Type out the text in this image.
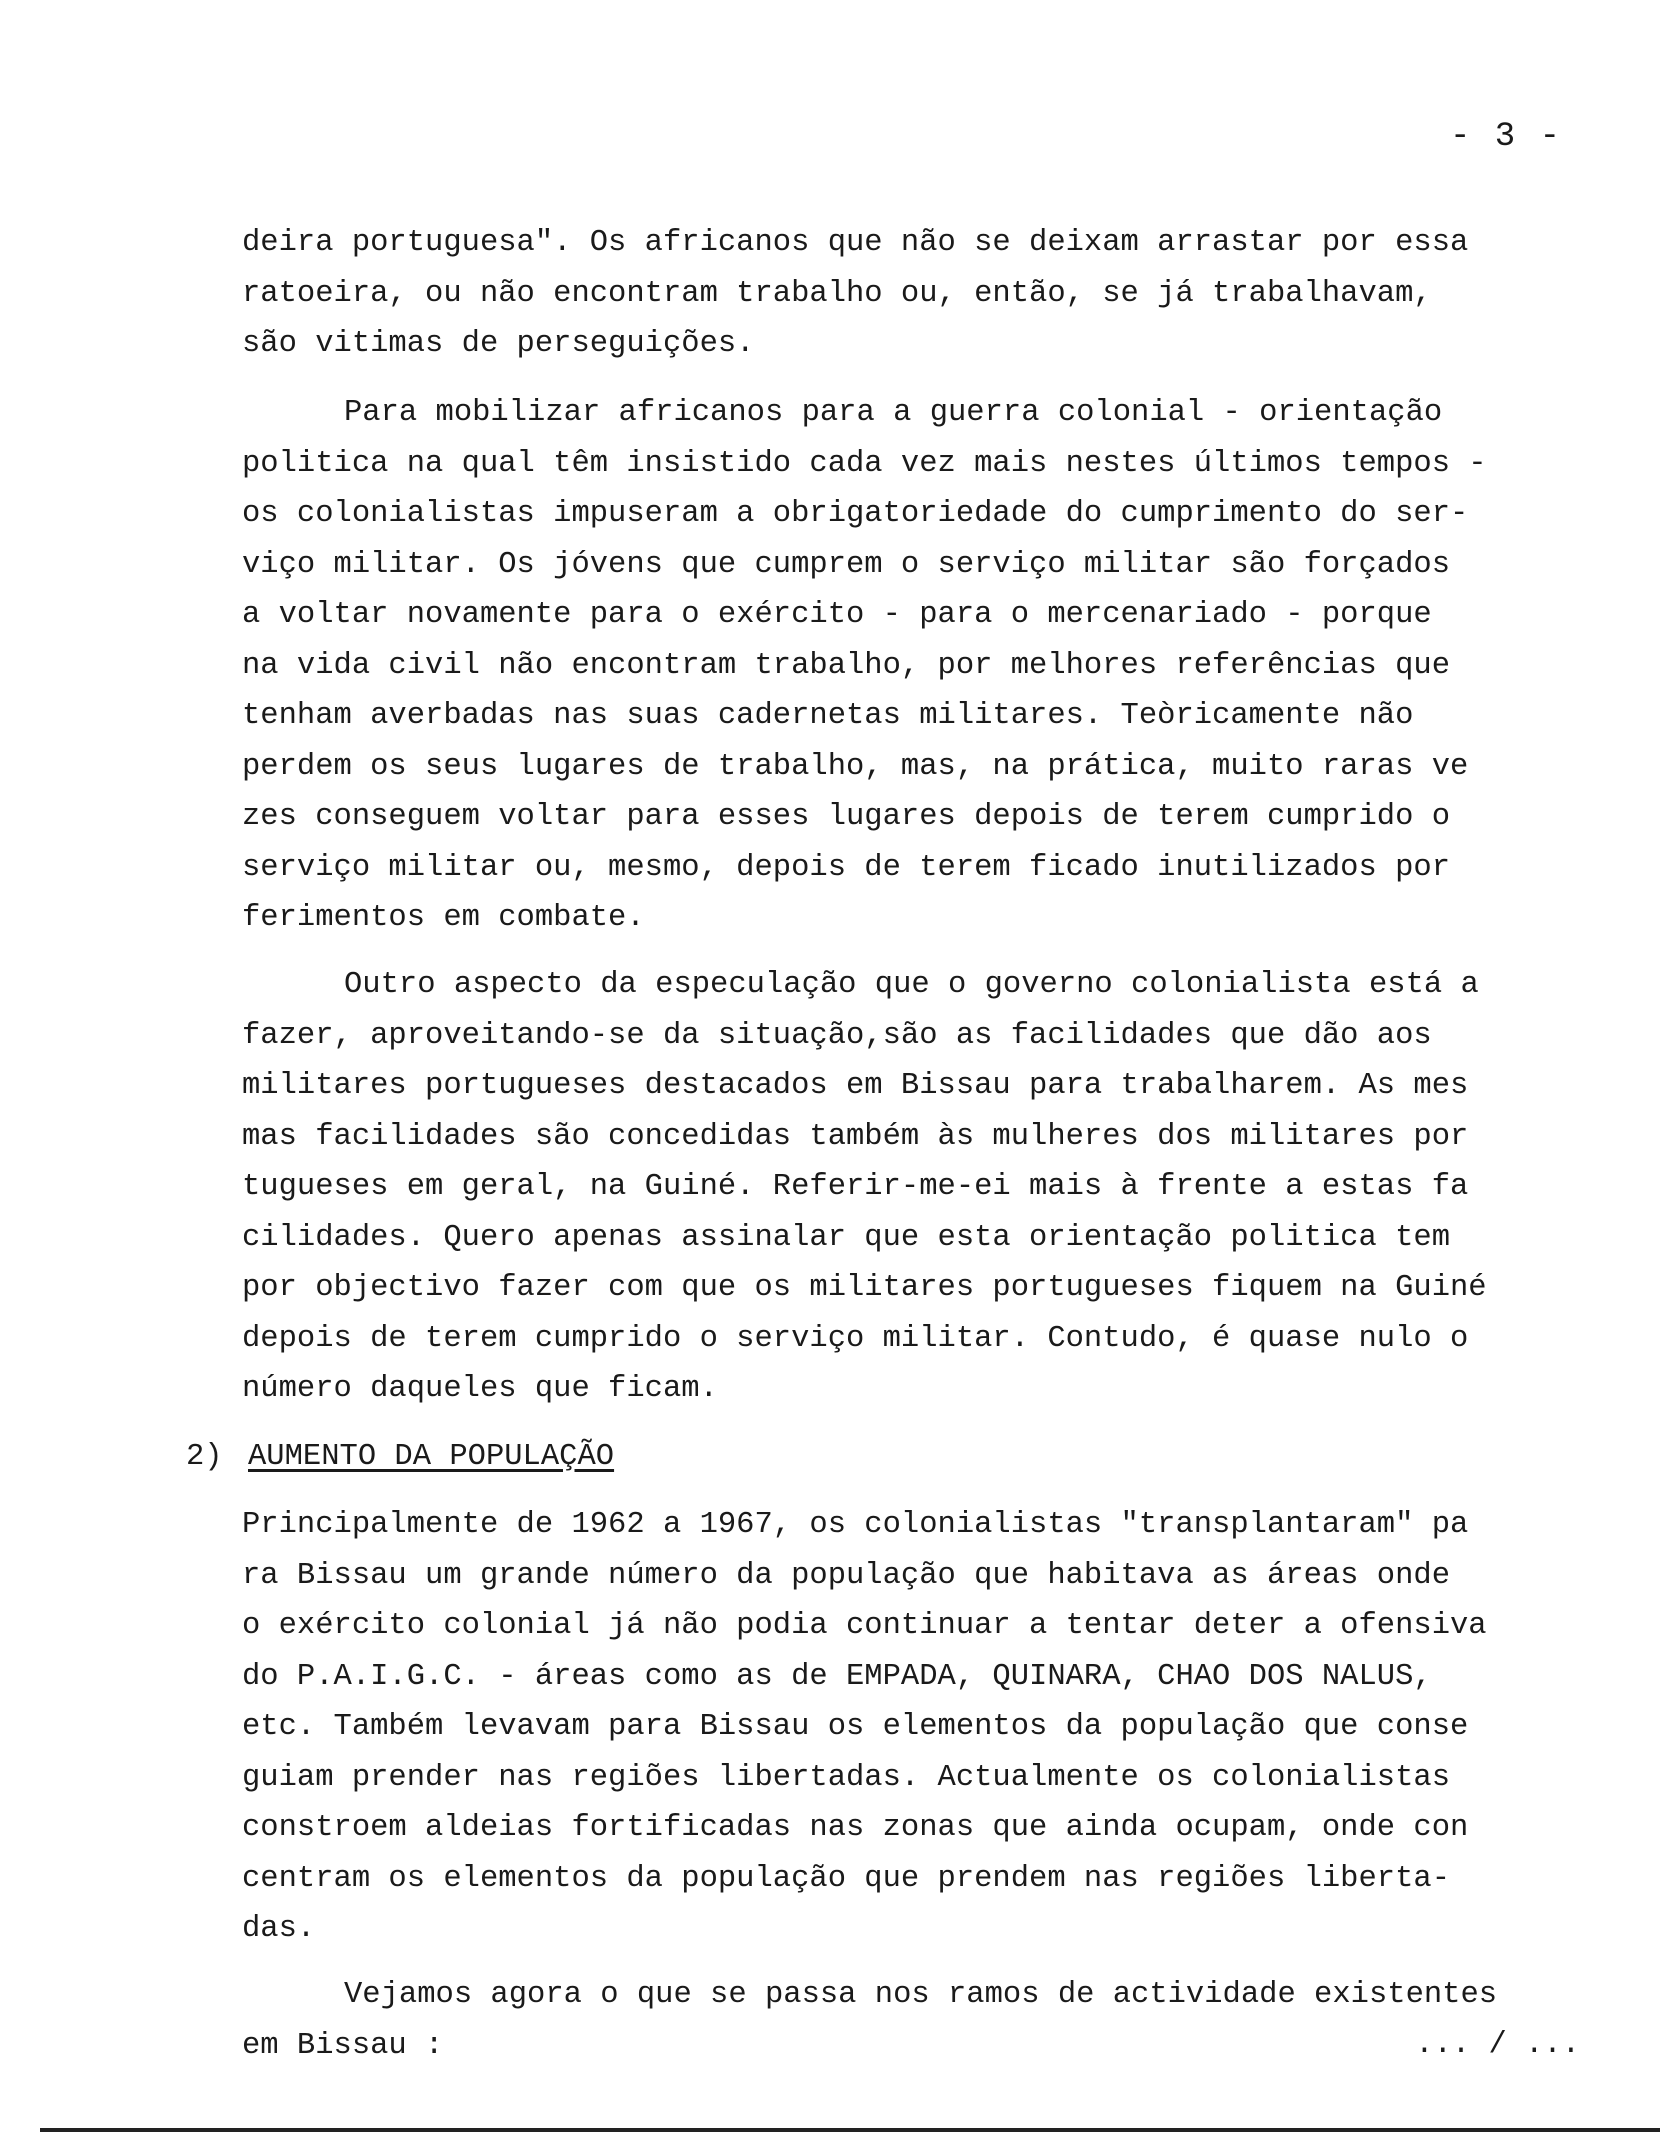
- 3 -
deira portuguesa". Os africanos que não se deixam arrastar por essa
ratoeira, ou não encontram trabalho ou, então, se já trabalhavam,
são vitimas de perseguições.
Para mobilizar africanos para a guerra colonial - orientação
politica na qual têm insistido cada vez mais nestes últimos tempos -
os colonialistas impuseram a obrigatoriedade do cumprimento do ser-
viço militar. Os jóvens que cumprem o serviço militar são forçados
a voltar novamente para o exército - para o mercenariado - porque
na vida civil não encontram trabalho, por melhores referências que
tenham averbadas nas suas cadernetas militares. Teòricamente não
perdem os seus lugares de trabalho, mas, na prática, muito raras ve
zes conseguem voltar para esses lugares depois de terem cumprido o
serviço militar ou, mesmo, depois de terem ficado inutilizados por
ferimentos em combate.
Outro aspecto da especulação que o governo colonialista está a
fazer, aproveitando-se da situação,são as facilidades que dão aos
militares portugueses destacados em Bissau para trabalharem. As mes
mas facilidades são concedidas também às mulheres dos militares por
tugueses em geral, na Guiné. Referir-me-ei mais à frente a estas fa
cilidades. Quero apenas assinalar que esta orientação politica tem
por objectivo fazer com que os militares portugueses fiquem na Guiné
depois de terem cumprido o serviço militar. Contudo, é quase nulo o
número daqueles que ficam.
2) AUMENTO DA POPULAÇÃO
Principalmente de 1962 a 1967, os colonialistas "transplantaram" pa
ra Bissau um grande número da população que habitava as áreas onde
o exército colonial já não podia continuar a tentar deter a ofensiva
do P.A.I.G.C. - áreas como as de EMPADA, QUINARA, CHAO DOS NALUS,
etc. Também levavam para Bissau os elementos da população que conse
guiam prender nas regiões libertadas. Actualmente os colonialistas
constroem aldeias fortificadas nas zonas que ainda ocupam, onde con
centram os elementos da população que prendem nas regiões liberta-
das.
Vejamos agora o que se passa nos ramos de actividade existentes
em Bissau :	... / ...
